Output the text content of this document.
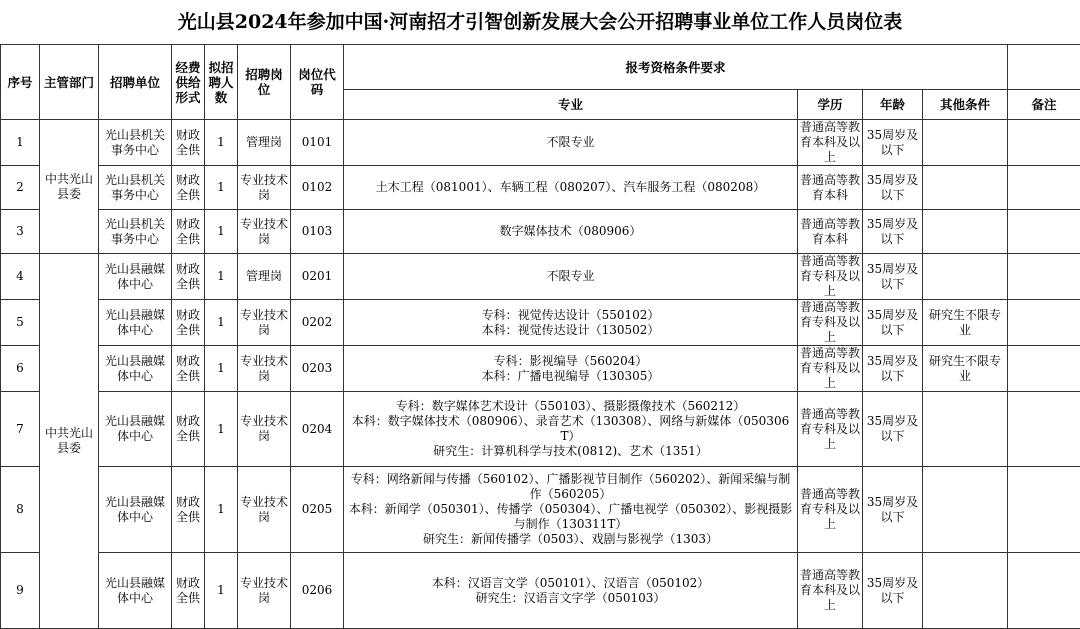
光山县2024年参加中国·河南招才引智创新发展大会公开招聘事业单位工作人员岗位表
序号	主管部门	招聘单位	经费供给形式	拟招聘人数	招聘岗位	岗位代码	报考资格条件要求				
							专业	学历	年龄	其他条件	备注
1	中共光山县委	光山县机关事务中心	财政全供	1	管理岗	0101	不限专业	普通高等教育本科及以上	35周岁及以下		
2		光山县机关事务中心	财政全供	1	专业技术岗	0102	土木工程（081001）、车辆工程（080207）、汽车服务工程（080208）	普通高等教育本科	35周岁及以下		
3		光山县机关事务中心	财政全供	1	专业技术岗	0103	数字媒体技术（080906）	普通高等教育本科	35周岁及以下		
4	中共光山县委	光山县融媒体中心	财政全供	1	管理岗	0201	不限专业	普通高等教育专科及以上	35周岁及以下		
5		光山县融媒体中心	财政全供	1	专业技术岗	0202	专科：视觉传达设计（550102）
本科：视觉传达设计（130502）	普通高等教育专科及以上	35周岁及以下	研究生不限专业	
6		光山县融媒体中心	财政全供	1	专业技术岗	0203	专科：影视编导（560204）
本科：广播电视编导（130305）	普通高等教育专科及以上	35周岁及以下	研究生不限专业	
7		光山县融媒体中心	财政全供	1	专业技术岗	0204	专科：数字媒体艺术设计（550103）、摄影摄像技术（560212）
本科：数字媒体技术（080906）、录音艺术（130308）、网络与新媒体（050306T）
研究生：计算机科学与技术(0812)、艺术（1351）	普通高等教育专科及以上	35周岁及以下		
8		光山县融媒体中心	财政全供	1	专业技术岗	0205	专科：网络新闻与传播（560102）、广播影视节目制作（560202）、新闻采编与制作（560205）
本科：新闻学（050301）、传播学（050304）、广播电视学（050302）、影视摄影与制作（130311T）
研究生：新闻传播学（0503）、戏剧与影视学（1303）	普通高等教育专科及以上	35周岁及以下		
9		光山县融媒体中心	财政全供	1	专业技术岗	0206	本科：汉语言文学（050101）、汉语言（050102）
研究生：汉语言文字学（050103）	普通高等教育本科及以上	35周岁及以下		
